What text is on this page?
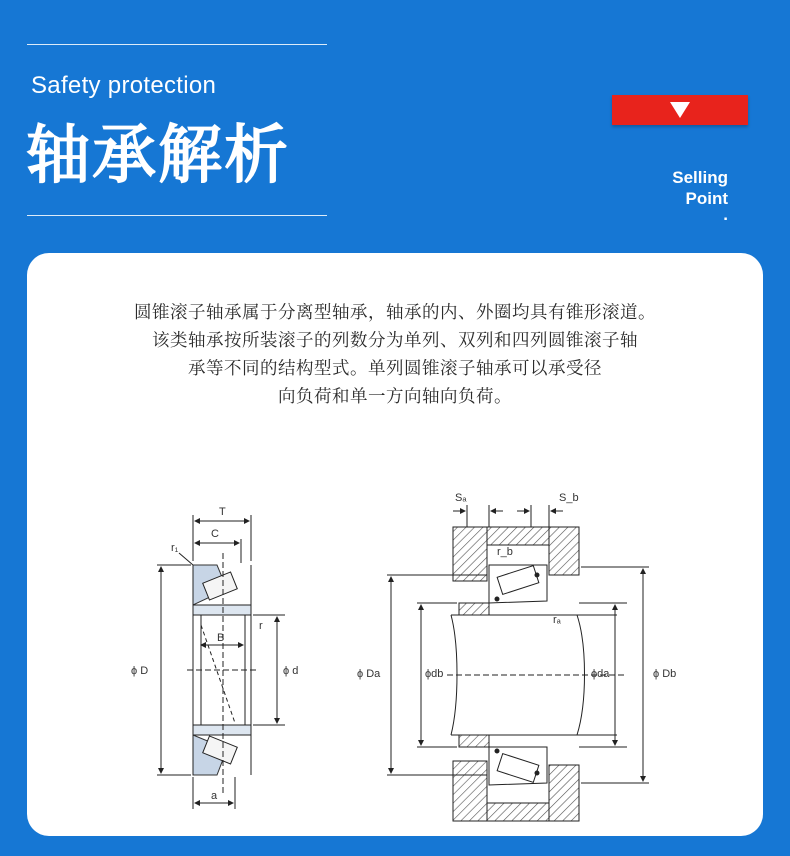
Safety protection
轴承解析	Selling
Point
.
圆锥滚子轴承属于分离型轴承，轴承的内、外圈均具有锥形滚道。
该类轴承按所装滚子的列数分为单列、双列和四列圆锥滚子轴
承等不同的结构型式。单列圆锥滚子轴承可以承受径
向负荷和单一方向轴向负荷。
T
C
r₁
r
B
ϕ D	ϕ d
a
Sₐ	S_b
r_b
rₐ
ϕ Da	ϕdb	ϕda	ϕ Db
